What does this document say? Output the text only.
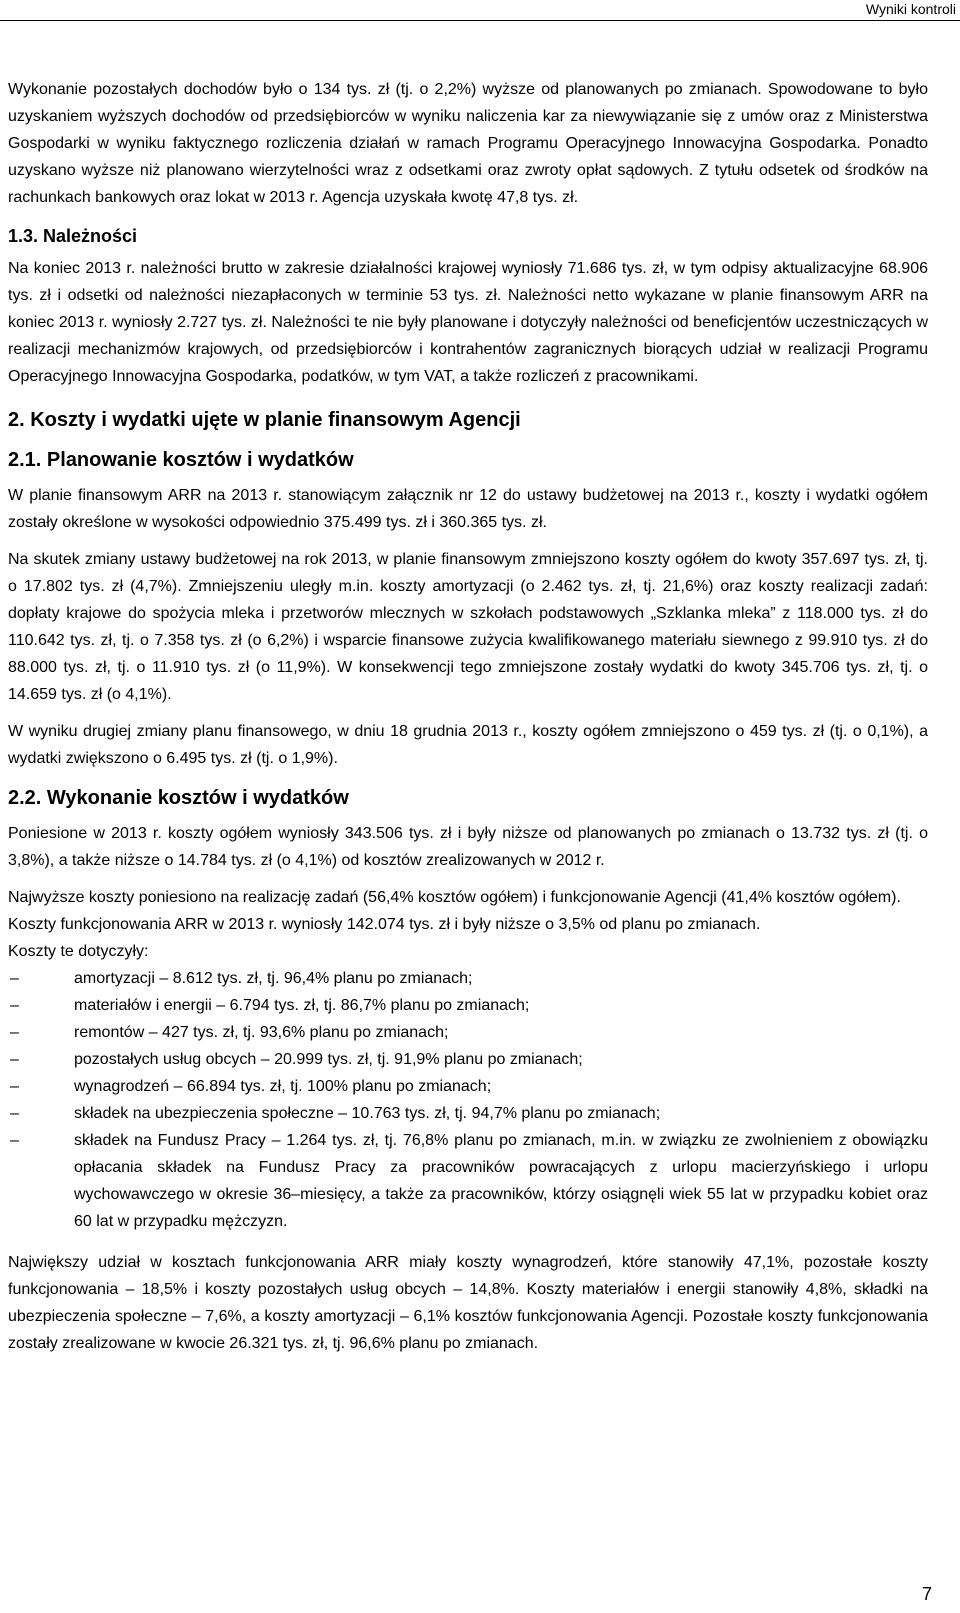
Wyniki kontroli

Wykonanie pozostałych dochodów było o 134 tys. zł (tj. o 2,2%) wyższe od planowanych po zmianach. Spowodowane to było uzyskaniem wyższych dochodów od przedsiębiorców w wyniku naliczenia kar za niewywiązanie się z umów oraz z Ministerstwa Gospodarki w wyniku faktycznego rozliczenia działań w ramach Programu Operacyjnego Innowacyjna Gospodarka. Ponadto uzyskano wyższe niż planowano wierzytelności wraz z odsetkami oraz zwroty opłat sądowych. Z tytułu odsetek od środków na rachunkach bankowych oraz lokat w 2013 r. Agencja uzyskała kwotę 47,8 tys. zł.

1.3. Należności

Na koniec 2013 r. należności brutto w zakresie działalności krajowej wyniosły 71.686 tys. zł, w tym odpisy aktualizacyjne 68.906 tys. zł i odsetki od należności niezapłaconych w terminie 53 tys. zł. Należności netto wykazane w planie finansowym ARR na koniec 2013 r. wyniosły 2.727 tys. zł. Należności te nie były planowane i dotyczyły należności od beneficjentów uczestniczących w realizacji mechanizmów krajowych, od przedsiębiorców i kontrahentów zagranicznych biorących udział w realizacji Programu Operacyjnego Innowacyjna Gospodarka, podatków, w tym VAT, a także rozliczeń z pracownikami.

2. Koszty i wydatki ujęte w planie finansowym Agencji
2.1. Planowanie kosztów i wydatków

W planie finansowym ARR na 2013 r. stanowiącym załącznik nr 12 do ustawy budżetowej na 2013 r., koszty i wydatki ogółem zostały określone w wysokości odpowiednio 375.499 tys. zł i 360.365 tys. zł.

Na skutek zmiany ustawy budżetowej na rok 2013, w planie finansowym zmniejszono koszty ogółem do kwoty 357.697 tys. zł, tj. o 17.802 tys. zł (4,7%). Zmniejszeniu uległy m.in. koszty amortyzacji (o 2.462 tys. zł, tj. 21,6%) oraz koszty realizacji zadań: dopłaty krajowe do spożycia mleka i przetworów mlecznych w szkołach podstawowych „Szklanka mleka” z 118.000 tys. zł do 110.642 tys. zł, tj. o 7.358 tys. zł (o 6,2%) i wsparcie finansowe zużycia kwalifikowanego materiału siewnego z 99.910 tys. zł do 88.000 tys. zł, tj. o 11.910 tys. zł (o 11,9%). W konsekwencji tego zmniejszone zostały wydatki do kwoty 345.706 tys. zł, tj. o 14.659 tys. zł (o 4,1%).

W wyniku drugiej zmiany planu finansowego, w dniu 18 grudnia 2013 r., koszty ogółem zmniejszono o 459 tys. zł (tj. o 0,1%), a wydatki zwiększono o 6.495 tys. zł (tj. o 1,9%).

2.2. Wykonanie kosztów i wydatków

Poniesione w 2013 r. koszty ogółem wyniosły 343.506 tys. zł i były niższe od planowanych po zmianach o 13.732 tys. zł (tj. o 3,8%), a także niższe o 14.784 tys. zł (o 4,1%) od kosztów zrealizowanych w 2012 r.

Najwyższe koszty poniesiono na realizację zadań (56,4% kosztów ogółem) i funkcjonowanie Agencji (41,4% kosztów ogółem).

Koszty funkcjonowania ARR w 2013 r. wyniosły 142.074 tys. zł i były niższe o 3,5% od planu po zmianach.

Koszty te dotyczyły:

–	amortyzacji – 8.612 tys. zł, tj. 96,4% planu po zmianach;
–	materiałów i energii – 6.794 tys. zł, tj. 86,7% planu po zmianach;
–	remontów – 427 tys. zł, tj. 93,6% planu po zmianach;
–	pozostałych usług obcych – 20.999 tys. zł, tj. 91,9% planu po zmianach;
–	wynagrodzeń – 66.894 tys. zł, tj. 100% planu po zmianach;
–	składek na ubezpieczenia społeczne – 10.763 tys. zł, tj. 94,7% planu po zmianach;
–	składek na Fundusz Pracy – 1.264 tys. zł, tj. 76,8% planu po zmianach, m.in. w związku ze zwolnieniem z obowiązku opłacania składek na Fundusz Pracy za pracowników powracających z urlopu macierzyńskiego i urlopu wychowawczego w okresie 36–miesięcy, a także za pracowników, którzy osiągnęli wiek 55 lat w przypadku kobiet oraz 60 lat w przypadku mężczyzn.

Największy udział w kosztach funkcjonowania ARR miały koszty wynagrodzeń, które stanowiły 47,1%, pozostałe koszty funkcjonowania – 18,5% i koszty pozostałych usług obcych – 14,8%. Koszty materiałów i energii stanowiły 4,8%, składki na ubezpieczenia społeczne – 7,6%, a koszty amortyzacji – 6,1% kosztów funkcjonowania Agencji. Pozostałe koszty funkcjonowania zostały zrealizowane w kwocie 26.321 tys. zł, tj. 96,6% planu po zmianach.

7
